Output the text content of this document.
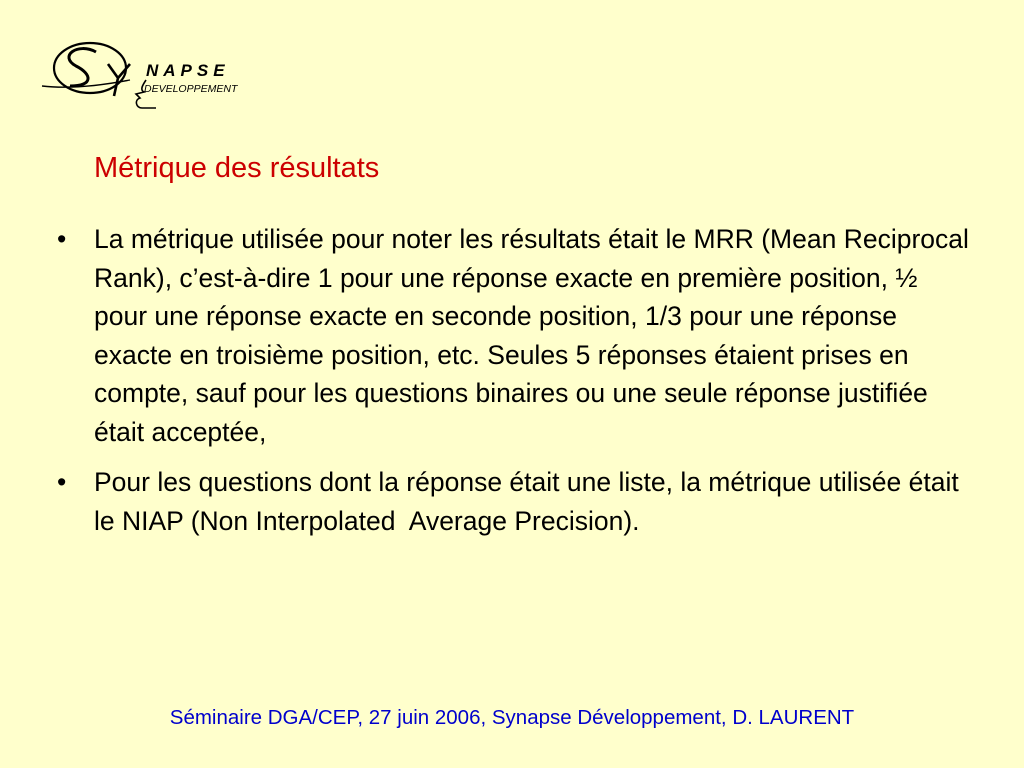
NAPSE
DEVELOPPEMENT
Métrique des résultats
• La métrique utilisée pour noter les résultats était le MRR (Mean Reciprocal Rank), c’est-à-dire 1 pour une réponse exacte en première position, ½ pour une réponse exacte en seconde position, 1/3 pour une réponse exacte en troisième position, etc. Seules 5 réponses étaient prises en compte, sauf pour les questions binaires ou une seule réponse justifiée était acceptée,
• Pour les questions dont la réponse était une liste, la métrique utilisée était le NIAP (Non Interpolated  Average Precision).
Séminaire DGA/CEP, 27 juin 2006, Synapse Développement, D. LAURENT
